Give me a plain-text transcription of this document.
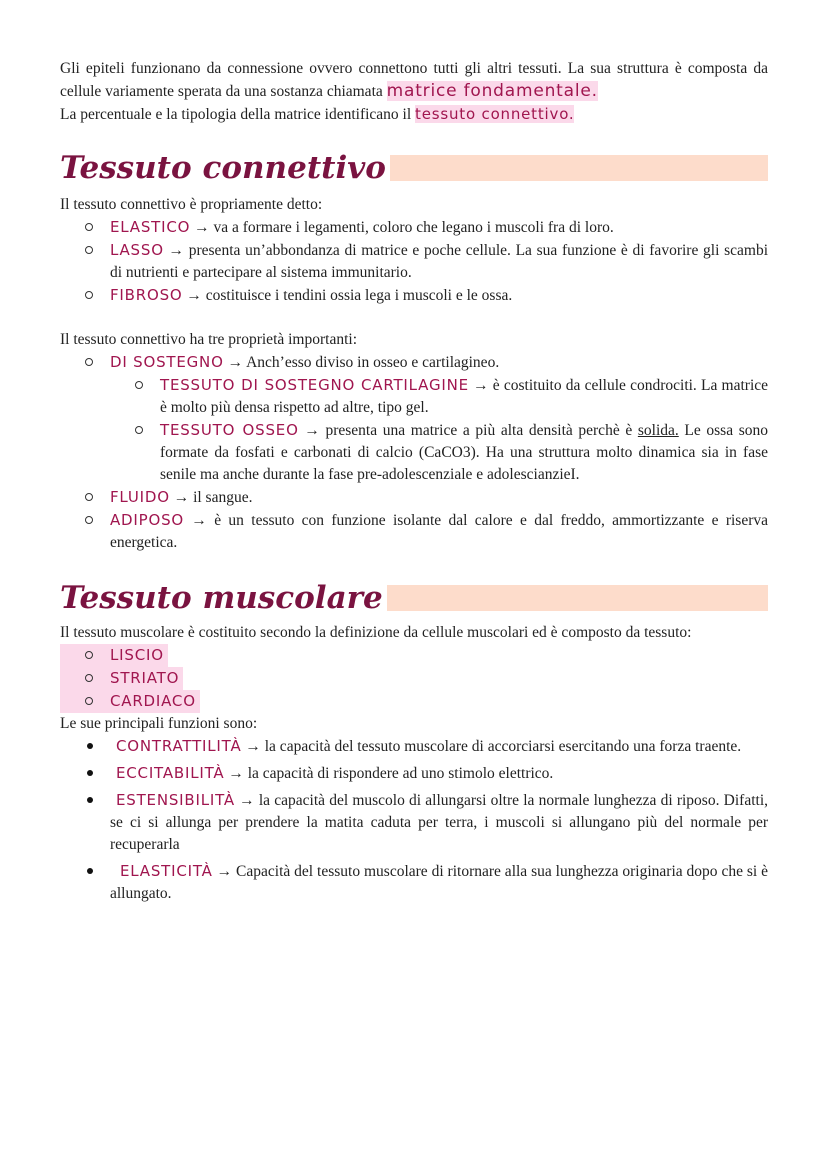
Gli epiteli funzionano da connessione ovvero connettono tutti gli altri tessuti. La sua struttura è composta da cellule variamente sperata da una sostanza chiamata matrice fondamentale.

La percentuale e la tipologia della matrice identificano il tessuto connettivo.

Tessuto connettivo

Il tessuto connettivo è propriamente detto:

ELASTICO → va a formare i legamenti, coloro che legano i muscoli fra di loro.
LASSO → presenta un’abbondanza di matrice e poche cellule. La sua funzione è di favorire gli scambi di nutrienti e partecipare al sistema immunitario.
FIBROSO → costituisce i tendini ossia lega i muscoli e le ossa.

Il tessuto connettivo ha tre proprietà importanti:

DI SOSTEGNO → Anch’esso diviso in osseo e cartilagineo.
TESSUTO DI SOSTEGNO CARTILAGINE → è costituito da cellule condrociti. La matrice è molto più densa rispetto ad altre, tipo gel.
TESSUTO OSSEO → presenta una matrice a più alta densità perchè è solida. Le ossa sono formate da fosfati e carbonati di calcio (CaCO3). Ha una struttura molto dinamica sia in fase senile ma anche durante la fase pre-adolescenziale e adolescianzieI.
FLUIDO → il sangue.
ADIPOSO → è un tessuto con funzione isolante dal calore e dal freddo, ammortizzante e riserva energetica.
Tessuto muscolare

Il tessuto muscolare è costituito secondo la definizione da cellule muscolari ed è composto da tessuto:

LISCIO
STRIATO
CARDIACO

Le sue principali funzioni sono:

CONTRATTILITÀ → la capacità del tessuto muscolare di accorciarsi esercitando una forza traente.
ECCITABILITÀ → la capacità di rispondere ad uno stimolo elettrico.
ESTENSIBILITÀ → la capacità del muscolo di allungarsi oltre la normale lunghezza di riposo. Difatti, se ci si allunga per prendere la matita caduta per terra, i muscoli si allungano più del normale per recuperarla
ELASTICITÀ → Capacità del tessuto muscolare di ritornare alla sua lunghezza originaria dopo che si è allungato.
